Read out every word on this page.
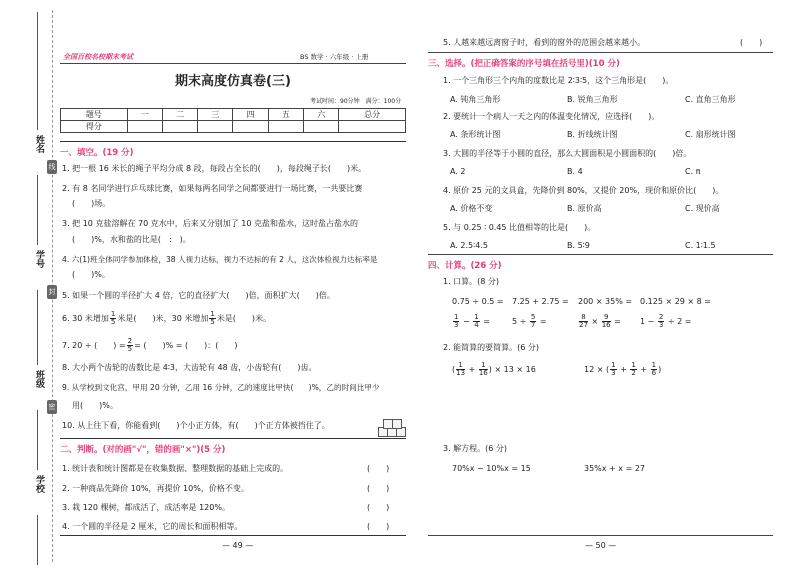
姓名
学号
班级
学校
线
封
密
全国百校名校期末考试	BS 数学 · 六年级 · 上册
期末高度仿真卷(三)
考试时间：90分钟　满分：100分
题号	一	二	三	四	五	六	总分
得分							
一、填空。(19 分)
1. 把一根 16 米长的绳子平均分成 8 段，每段占全长的(　　)，每段绳子长(　　)米。
2. 有 8 名同学进行乒乓球比赛，如果每两名同学之间都要进行一场比赛，一共要比赛
(　　)场。
3. 把 10 克盐溶解在 70 克水中，后来又分别加了 10 克盐和盐水，这时盐占盐水的
(　　)%，水和盐的比是(　:　)。
4. 六(1)班全体同学参加体检，38 人视力达标，视力不达标的有 2 人，这次体检视力达标率是
(　　)%。
5. 如果一个圆的半径扩大 4 倍，它的直径扩大(　　)倍，面积扩大(　　)倍。
6. 30 米增加 $\frac{1}{5}$ 米是(　　)米，30 米增加 $\frac{1}{5}$ 米是(　　)米。
7. 20 ÷ (　　) = $\frac{2}{5}$ = (　　)% = (　　)：(　　)
8. 大小两个齿轮的齿数比是 4∶3，大齿轮有 48 齿，小齿轮有(　　)齿。
9. 从学校到文化宫，甲用 20 分钟，乙用 16 分钟，乙的速度比甲快(　　)%，乙的时间比甲少
用(　　)%。
10. 从上往下看，你能看到(　　)个小正方体，有(　　)个正方体被挡住了。
二、判断。(对的画"√"，错的画"×")(5 分)
1. 统计表和统计图都是在收集数据、整理数据的基础上完成的。	(　　)
2. 一种商品先降价 10%，再提价 10%，价格不变。	(　　)
3. 栽 120 棵树，都成活了，成活率是 120%。	(　　)
4. 一个圆的半径是 2 厘米，它的周长和面积相等。	(　　)
— 49 —
5. 人越来越远离窗子时，看到的窗外的范围会越来越小。	(　　)
三、选择。(把正确答案的序号填在括号里)(10 分)
1. 一个三角形三个内角的度数比是 2∶3∶5，这个三角形是(　　)。
A. 钝角三角形	B. 锐角三角形	C. 直角三角形
2. 要统计一个病人一天之内的体温变化情况，应选择(　　)。
A. 条形统计图	B. 折线统计图	C. 扇形统计图
3. 大圆的半径等于小圆的直径，那么大圆面积是小圆面积的(　　)倍。
A. 2	B. 4	C. π
4. 原价 25 元的文具盒，先降价到 80%，又提价 20%，现价和原价比(　　)。
A. 价格不变	B. 原价高	C. 现价高
5. 与 0.25 ∶ 0.45 比值相等的比是(　　)。
A. 2.5∶4.5	B. 5∶9	C. 1∶1.5
四、计算。(26 分)
1. 口算。(8 分)
0.75 ÷ 0.5 = 7.25 + 2.75 = 200 × 35% = 0.125 × 29 × 8 =
$\frac{1}{3} - \frac{1}{4}$ =	$5 \div \frac{5}{7}$ =	$\frac{8}{27} \times \frac{9}{16} = 1 - \frac{2}{3} \div 2$ =
2. 能简算的要简算。(6 分)
( $\frac{1}{13} + \frac{1}{16}$ ) × 13 × 16	12 × ( $\frac{1}{3} + \frac{1}{2} + \frac{1}{6}$ )
3. 解方程。(6 分)
70%x − 10%x = 15	35%x + x = 27
— 50 —
